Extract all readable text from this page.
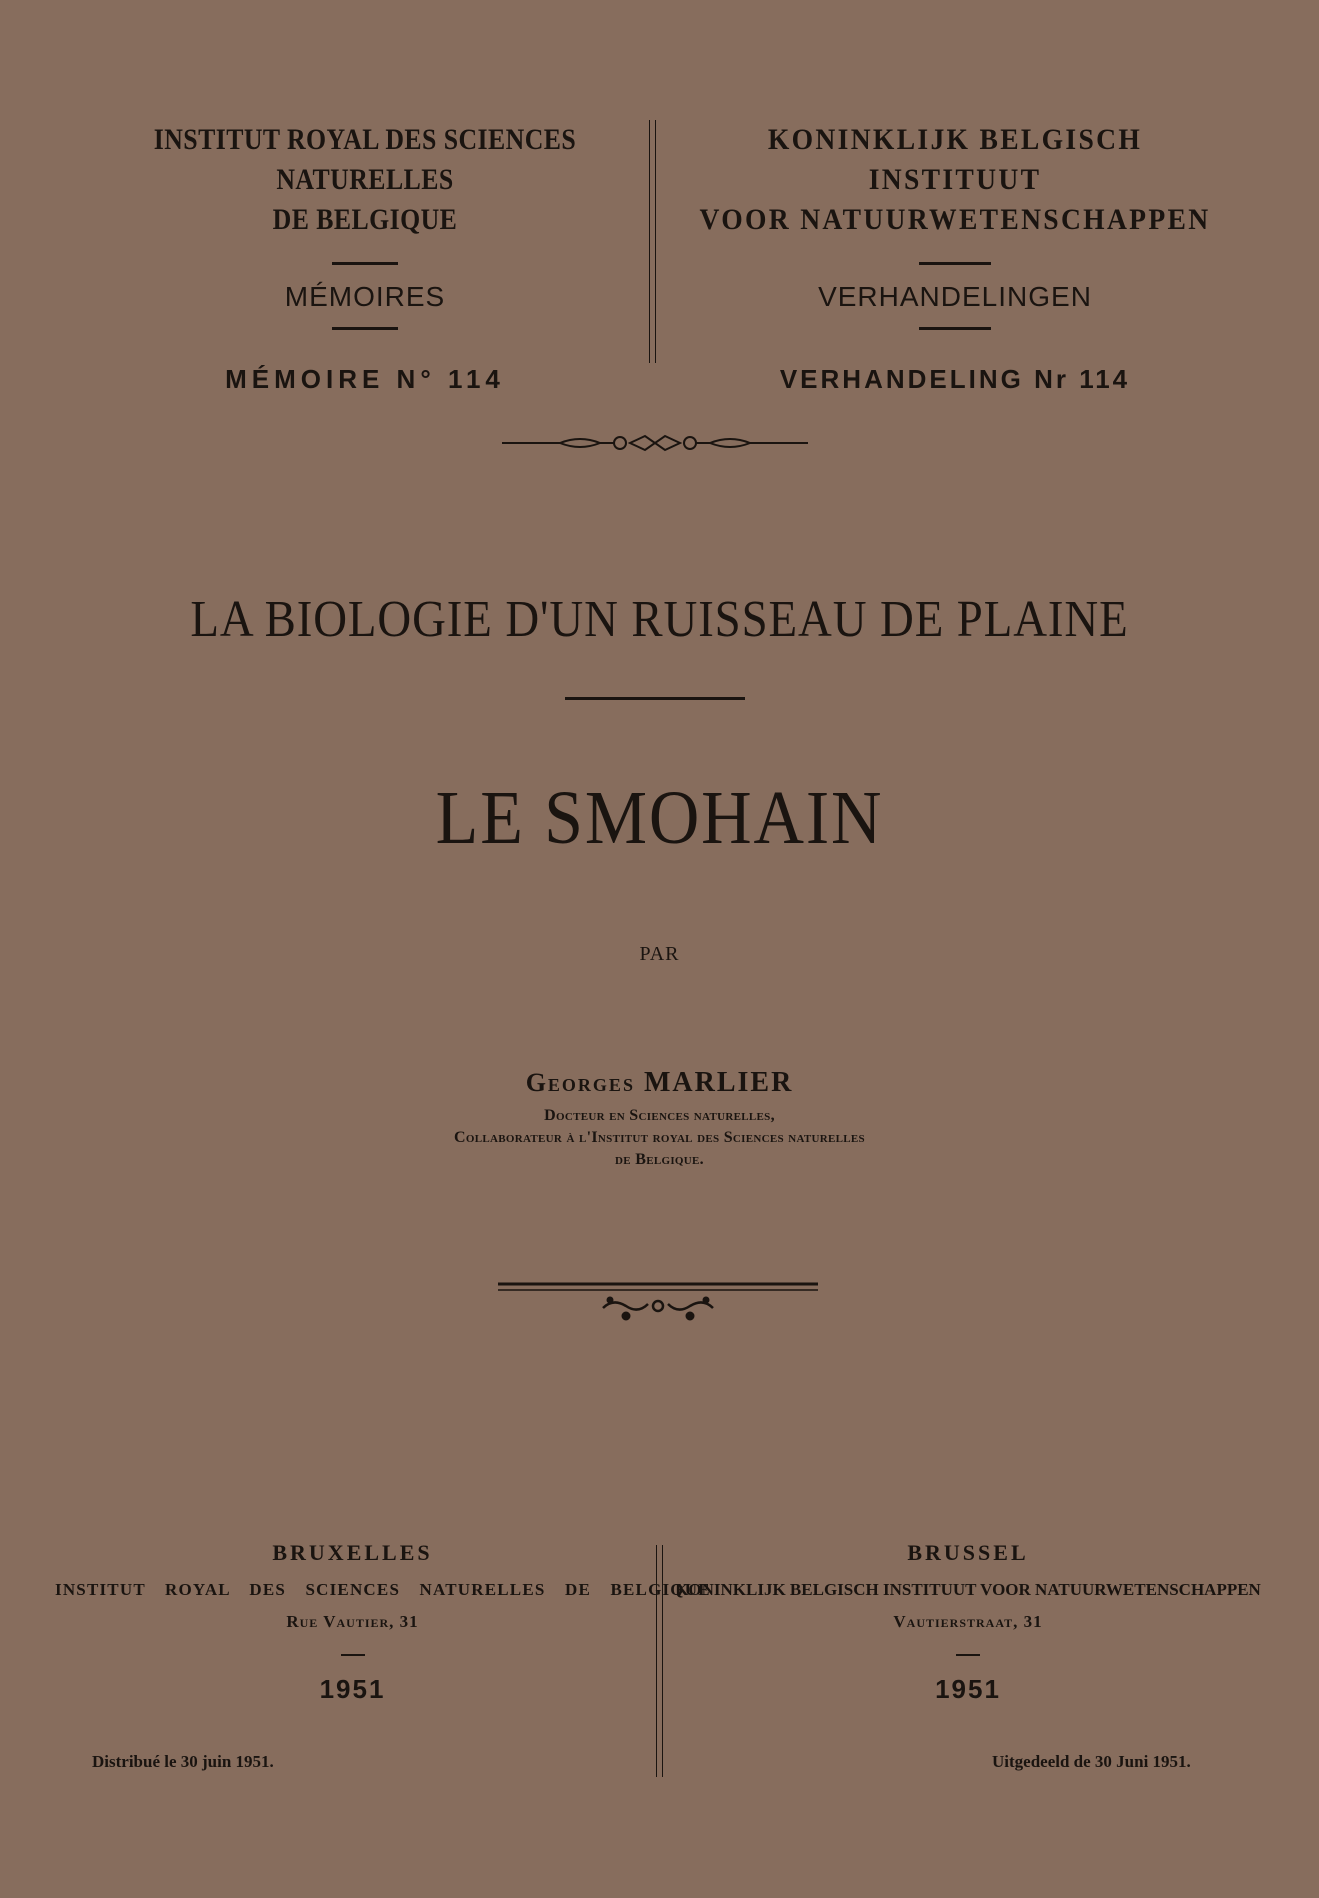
INSTITUT ROYAL DES SCIENCES NATURELLES
DE BELGIQUE
MÉMOIRES
MÉMOIRE N° 114
KONINKLIJK BELGISCH INSTITUUT
VOOR NATUURWETENSCHAPPEN
VERHANDELINGEN
VERHANDELING Nr 114
LA BIOLOGIE D'UN RUISSEAU DE PLAINE
LE SMOHAIN
PAR
Georges MARLIER
Docteur en Sciences naturelles,
Collaborateur à l'Institut royal des Sciences naturelles
de Belgique.
BRUXELLES
INSTITUT ROYAL DES SCIENCES NATURELLES DE BELGIQUE
Rue Vautier, 31
1951
BRUSSEL
KONINKLIJK BELGISCH INSTITUUT VOOR NATUURWETENSCHAPPEN
Vautierstraat, 31
1951
Distribué le 30 juin 1951.	Uitgedeeld de 30 Juni 1951.
